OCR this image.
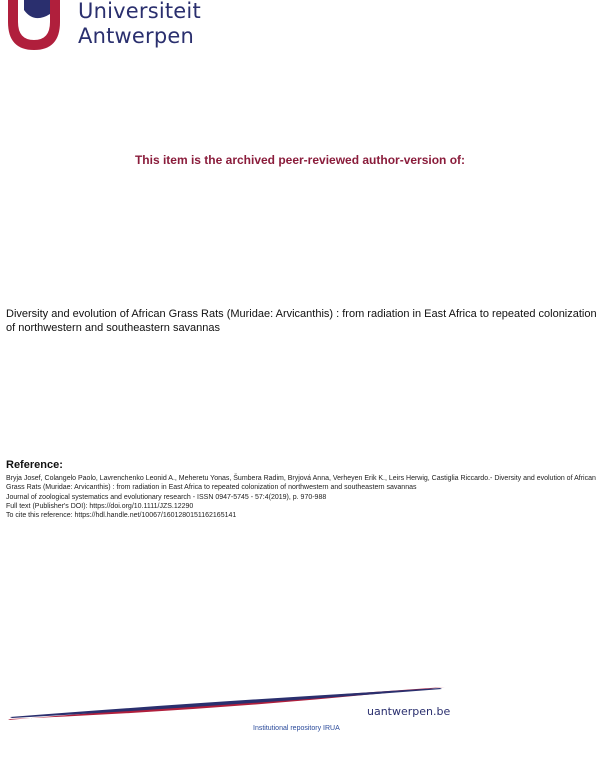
Universiteit
Antwerpen
This item is the archived peer-reviewed author-version of:
Diversity and evolution of African Grass Rats (Muridae: Arvicanthis) : from radiation in East Africa to repeated colonization of northwestern and southeastern savannas
Reference:
Bryja Josef, Colangelo Paolo, Lavrenchenko Leonid A., Meheretu Yonas, Šumbera Radim, Bryjová Anna, Verheyen Erik K., Leirs Herwig, Castiglia Riccardo.- Diversity and evolution of African Grass Rats (Muridae: Arvicanthis) : from radiation in East Africa to repeated colonization of northwestern and southeastern savannas
Journal of zoological systematics and evolutionary research - ISSN 0947-5745 - 57:4(2019), p. 970-988
Full text (Publisher's DOI): https://doi.org/10.1111/JZS.12290
To cite this reference: https://hdl.handle.net/10067/1601280151162165141
uantwerpen.be
Institutional repository IRUA
